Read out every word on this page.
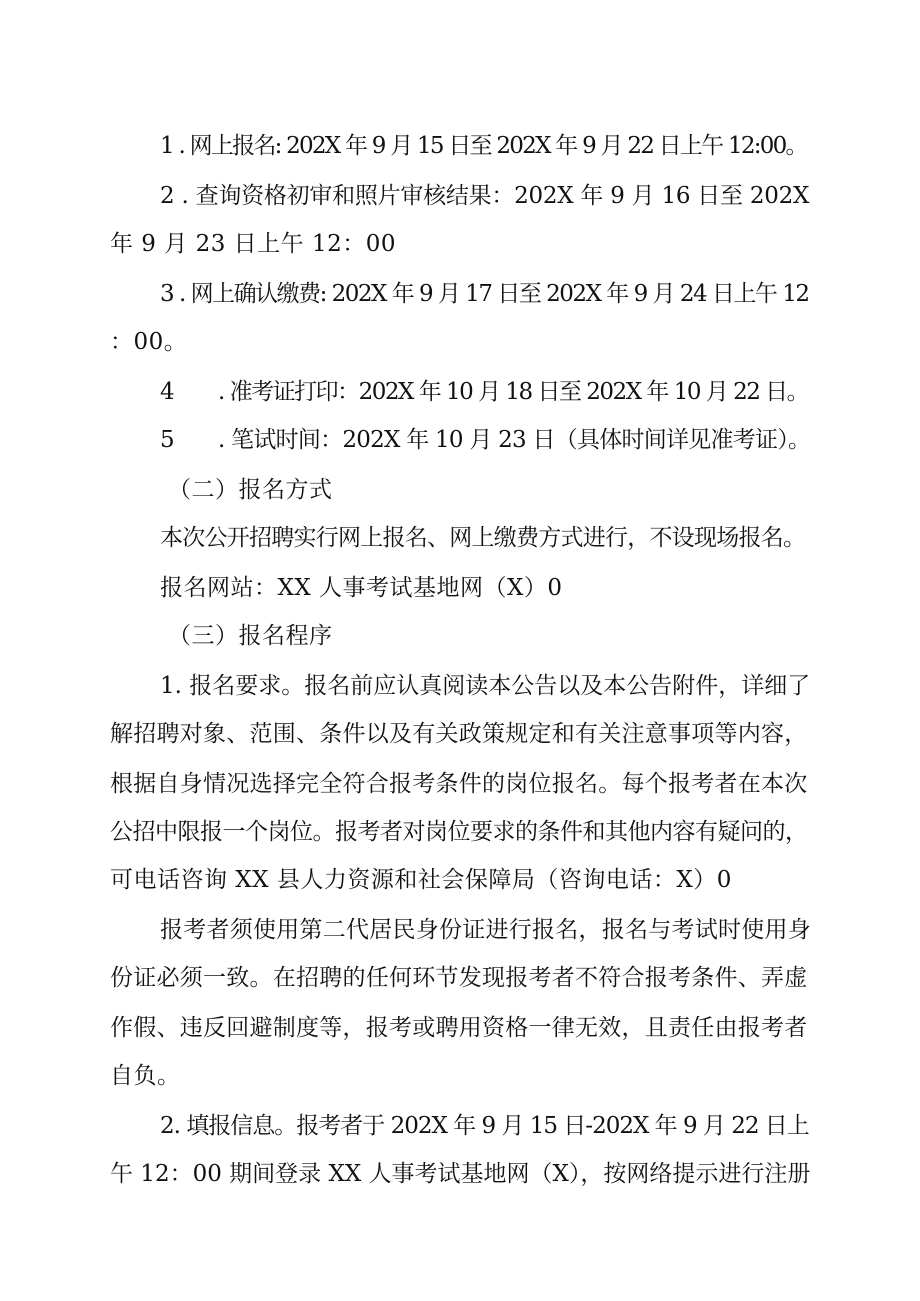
1 . 网上报名: 202X 年 9 月 15 日至 202X 年 9 月 22 日上午 12:00。
2 . 查询资格初审和照片审核结果：202X 年 9 月 16 日至 202X
年 9 月 23 日上午 12：00
3 . 网上确认缴费: 202X 年 9 月 17 日至 202X 年 9 月 24 日上午 12
：00。
4 . 准考证打印：202X 年 10 月 18 日至 202X 年 10 月 22 日。
5 . 笔试时间：202X 年 10 月 23 日（具体时间详见准考证）。
（二）报名方式
本次公开招聘实行网上报名、网上缴费方式进行，不设现场报名。
报名网站：XX 人事考试基地网（X）0
（三）报名程序
1. 报名要求。报名前应认真阅读本公告以及本公告附件，详细了
解招聘对象、范围、条件以及有关政策规定和有关注意事项等内容，
根据自身情况选择完全符合报考条件的岗位报名。每个报考者在本次
公招中限报一个岗位。报考者对岗位要求的条件和其他内容有疑问的，
可电话咨询 XX 县人力资源和社会保障局（咨询电话：X）0
报考者须使用第二代居民身份证进行报名，报名与考试时使用身
份证必须一致。在招聘的任何环节发现报考者不符合报考条件、弄虚
作假、违反回避制度等，报考或聘用资格一律无效，且责任由报考者
自负。
2. 填报信息。报考者于 202X 年 9 月 15 日-202X 年 9 月 22 日上
午 12：00 期间登录 XX 人事考试基地网（X），按网络提示进行注册
